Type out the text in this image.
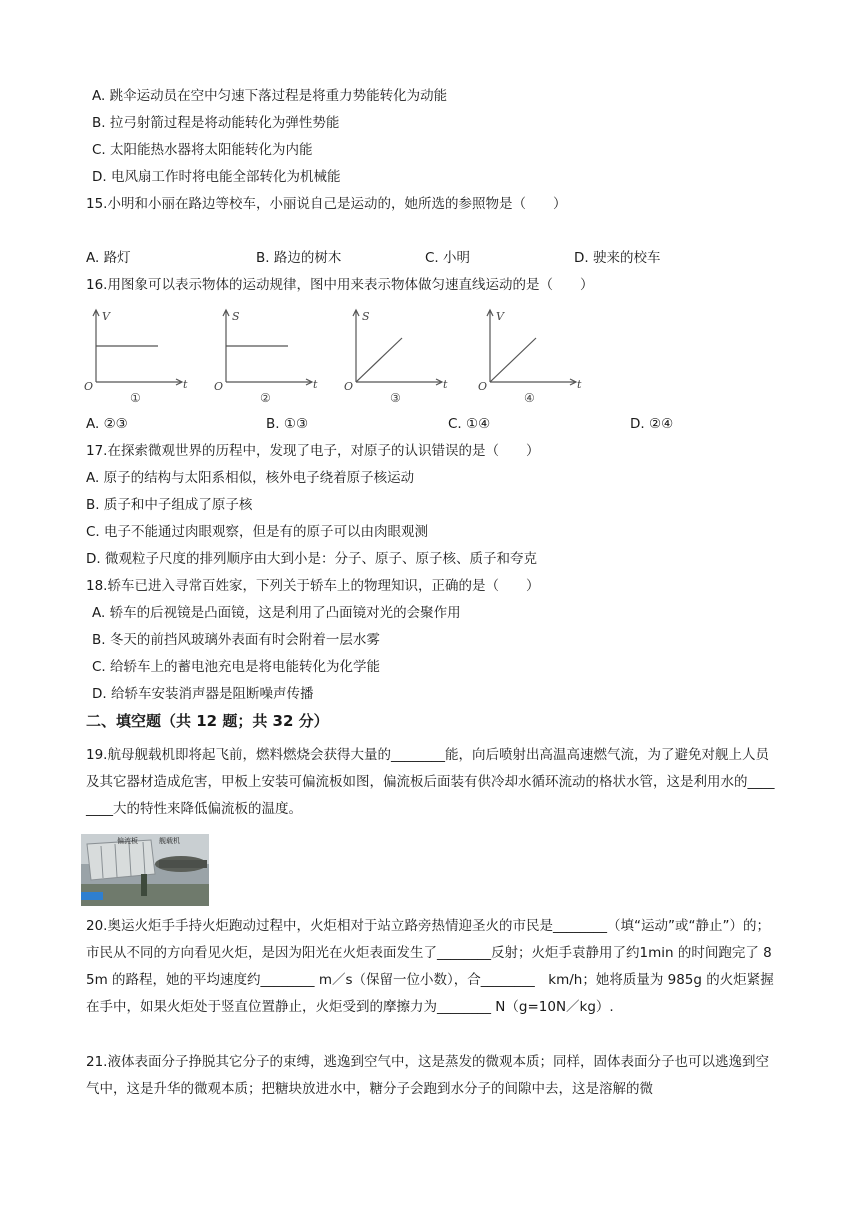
A. 跳伞运动员在空中匀速下落过程是将重力势能转化为动能
B. 拉弓射箭过程是将动能转化为弹性势能
C. 太阳能热水器将太阳能转化为内能
D. 电风扇工作时将电能全部转化为机械能
15.小明和小丽在路边等校车，小丽说自己是运动的，她所选的参照物是（　　）
A. 路灯	B. 路边的树木	C. 小明	D. 驶来的校车
16.用图象可以表示物体的运动规律，图中用来表示物体做匀速直线运动的是（　　）
V
O	t
①
S
O	t
②
S
O	t
③
V
O	t
④
A. ②③	B. ①③	C. ①④	D. ②④
17.在探索微观世界的历程中，发现了电子，对原子的认识错误的是（　　）
A. 原子的结构与太阳系相似，核外电子绕着原子核运动
B. 质子和中子组成了原子核
C. 电子不能通过肉眼观察，但是有的原子可以由肉眼观测
D. 微观粒子尺度的排列顺序由大到小是：分子、原子、原子核、质子和夸克
18.轿车已进入寻常百姓家，下列关于轿车上的物理知识，正确的是（　　）
A. 轿车的后视镜是凸面镜，这是利用了凸面镜对光的会聚作用
B. 冬天的前挡风玻璃外表面有时会附着一层水雾
C. 给轿车上的蓄电池充电是将电能转化为化学能
D. 给轿车安装消声器是阻断噪声传播
二、填空题（共 12 题；共 32 分）
19.航母舰载机即将起飞前，燃料燃烧会获得大量的________能，向后喷射出高温高速燃气流，为了避免对舰上人员及其它器材造成危害，甲板上安装可偏流板如图，偏流板后面装有供冷却水循环流动的格状水管，这是利用水的________大的特性来降低偏流板的温度。
偏流板	舰载机
20.奥运火炬手手持火炬跑动过程中，火炬相对于站立路旁热情迎圣火的市民是________（填“运动”或“静止”）的；市民从不同的方向看见火炬，是因为阳光在火炬表面发生了________反射；火炬手袁静用了约1min 的时间跑完了 85m 的路程，她的平均速度约________ m／s（保留一位小数），合________　km/h；她将质量为 985g 的火炬紧握在手中，如果火炬处于竖直位置静止，火炬受到的摩擦力为________ N（g=10N／kg）.
21.液体表面分子挣脱其它分子的束缚，逃逸到空气中，这是蒸发的微观本质；同样，固体表面分子也可以逃逸到空气中，这是升华的微观本质；把糖块放进水中，糖分子会跑到水分子的间隙中去，这是溶解的微
